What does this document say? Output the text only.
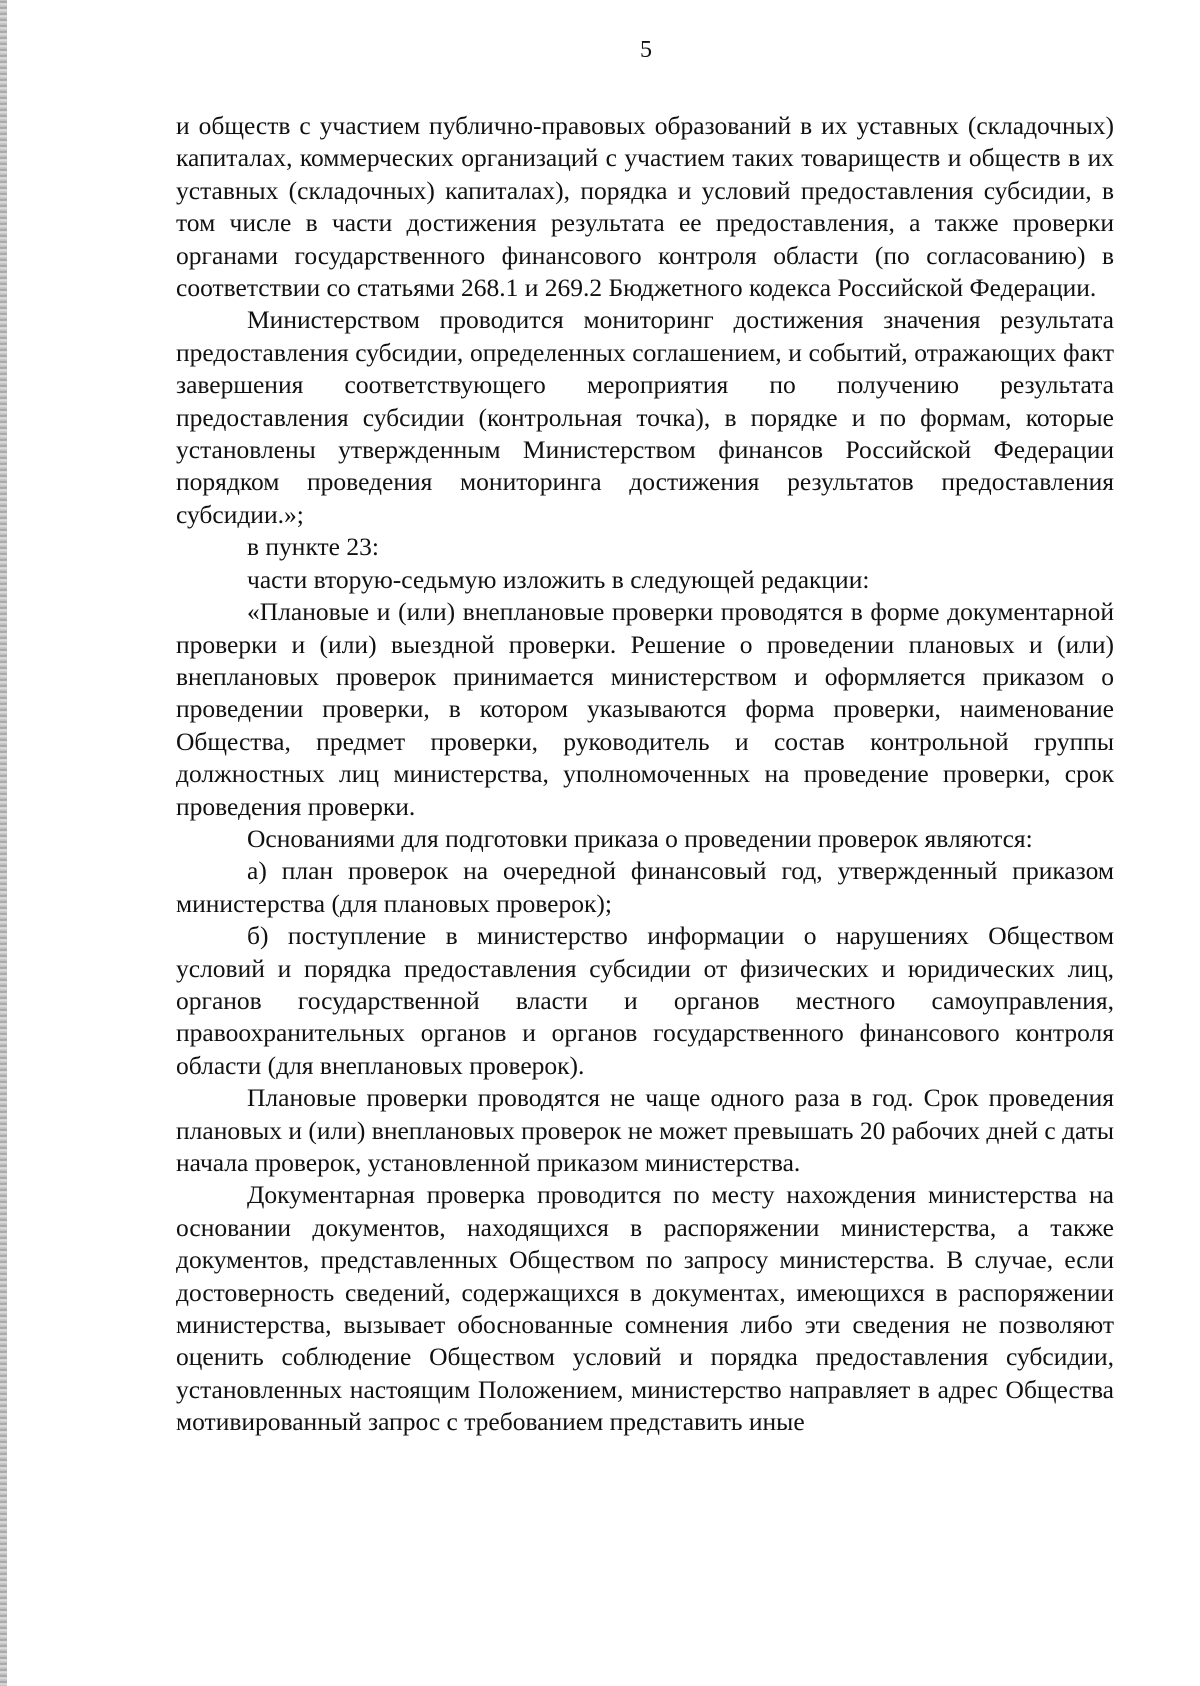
5

и обществ с участием публично-правовых образований в их уставных (складочных) капиталах, коммерческих организаций с участием таких товариществ и обществ в их уставных (складочных) капиталах), порядка и условий предоставления субсидии, в том числе в части достижения результата ее предоставления, а также проверки органами государственного финансового контроля области (по согласованию) в соответствии со статьями 268.1 и 269.2 Бюджетного кодекса Российской Федерации.

Министерством проводится мониторинг достижения значения результата предоставления субсидии, определенных соглашением, и событий, отражающих факт завершения соответствующего мероприятия по получению результата предоставления субсидии (контрольная точка), в порядке и по формам, которые установлены утвержденным Министерством финансов Российской Федерации порядком проведения мониторинга достижения результатов предоставления субсидии.»;

в пункте 23:

части вторую-седьмую изложить в следующей редакции:

«Плановые и (или) внеплановые проверки проводятся в форме документарной проверки и (или) выездной проверки. Решение о проведении плановых и (или) внеплановых проверок принимается министерством и оформляется приказом о проведении проверки, в котором указываются форма проверки, наименование Общества, предмет проверки, руководитель и состав контрольной группы должностных лиц министерства, уполномоченных на проведение проверки, срок проведения проверки.

Основаниями для подготовки приказа о проведении проверок являются:

а) план проверок на очередной финансовый год, утвержденный приказом министерства (для плановых проверок);

б) поступление в министерство информации о нарушениях Обществом условий и порядка предоставления субсидии от физических и юридических лиц, органов государственной власти и органов местного самоуправления, правоохранительных органов и органов государственного финансового контроля области (для внеплановых проверок).

Плановые проверки проводятся не чаще одного раза в год. Срок проведения плановых и (или) внеплановых проверок не может превышать 20 рабочих дней с даты начала проверок, установленной приказом министерства.

Документарная проверка проводится по месту нахождения министерства на основании документов, находящихся в распоряжении министерства, а также документов, представленных Обществом по запросу министерства. В случае, если достоверность сведений, содержащихся в документах, имеющихся в распоряжении министерства, вызывает обоснованные сомнения либо эти сведения не позволяют оценить соблюдение Обществом условий и порядка предоставления субсидии, установленных настоящим Положением, министерство направляет в адрес Общества мотивированный запрос с требованием представить иные
